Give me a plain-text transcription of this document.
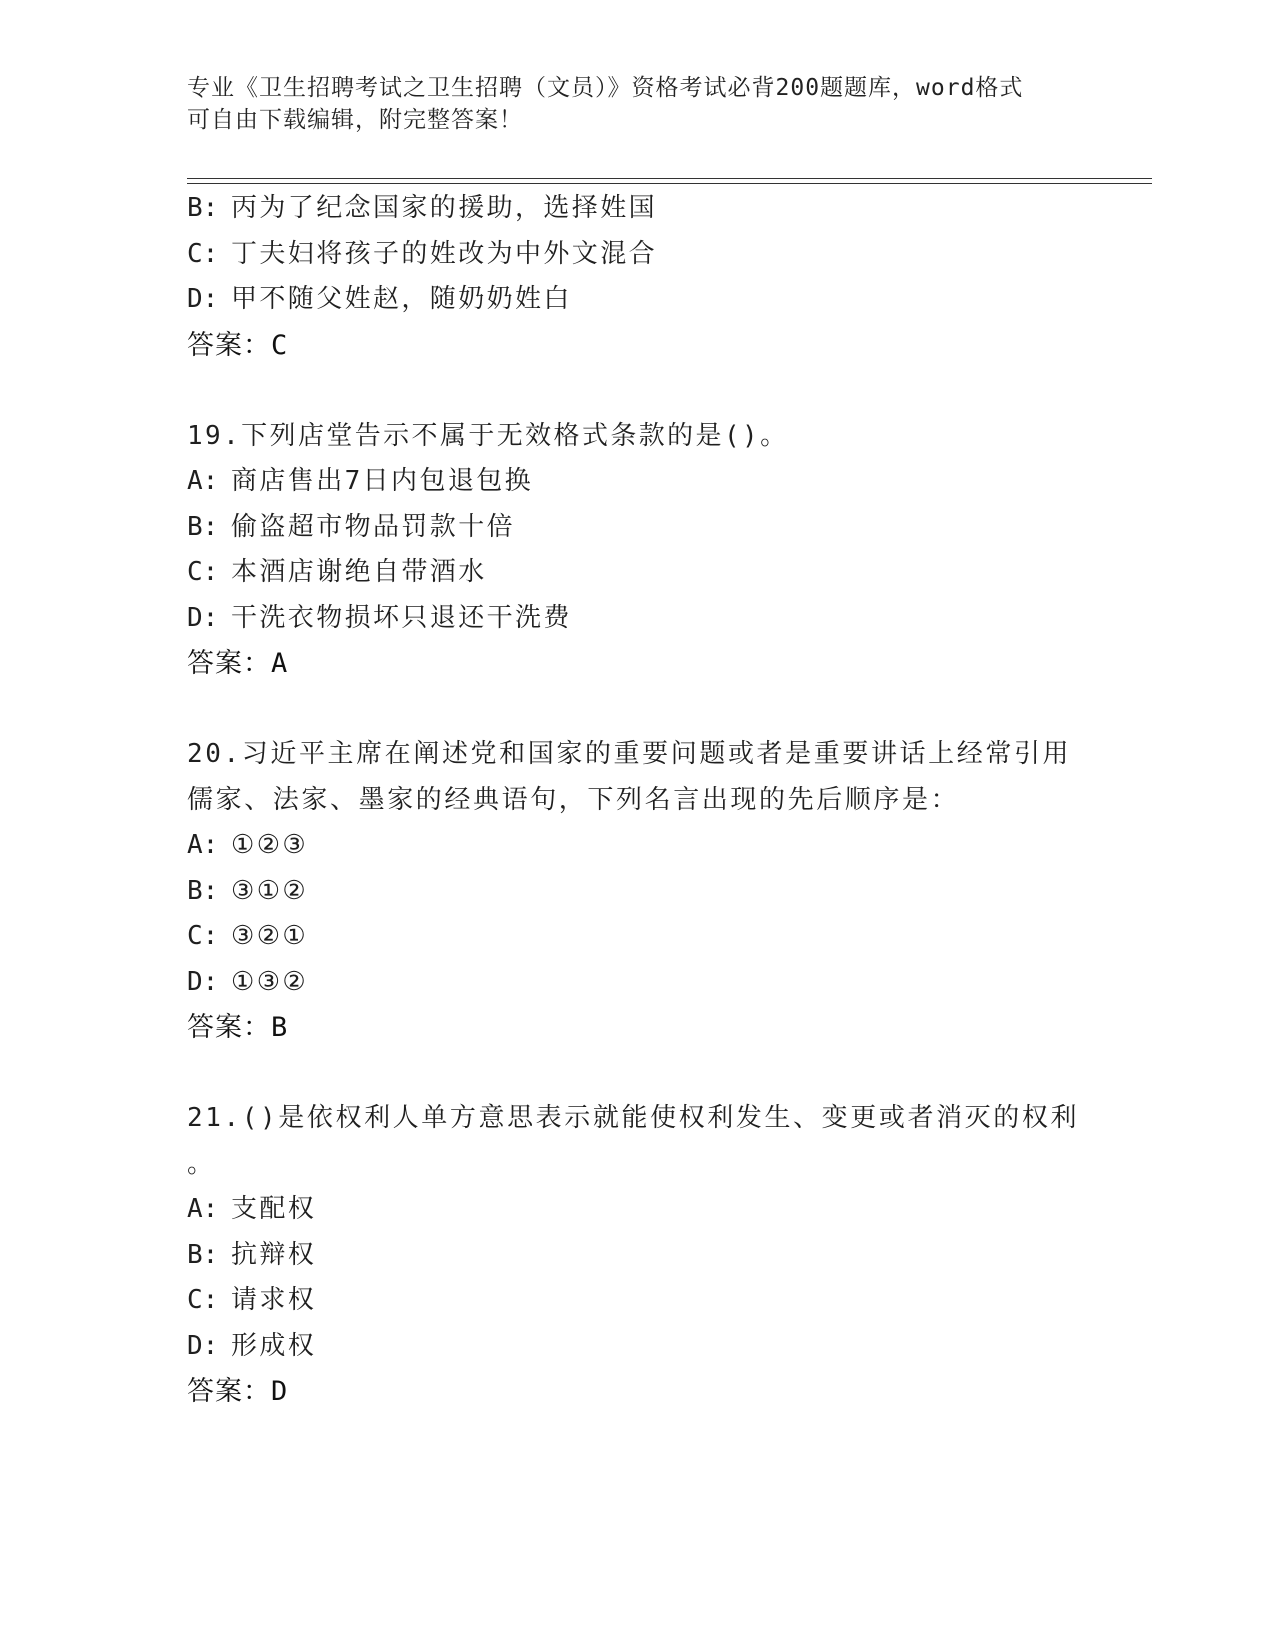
专业《卫生招聘考试之卫生招聘（文员）》资格考试必背200题题库，word格式
可自由下载编辑，附完整答案！
B: 丙为了纪念国家的援助，选择姓国
C: 丁夫妇将孩子的姓改为中外文混合
D: 甲不随父姓赵，随奶奶姓白
答案：C
19.下列店堂告示不属于无效格式条款的是()。
A: 商店售出7日内包退包换
B: 偷盗超市物品罚款十倍
C: 本酒店谢绝自带酒水
D: 干洗衣物损坏只退还干洗费
答案：A
20.习近平主席在阐述党和国家的重要问题或者是重要讲话上经常引用
儒家、法家、墨家的经典语句，下列名言出现的先后顺序是：
A: ①②③
B: ③①②
C: ③②①
D: ①③②
答案：B
21.()是依权利人单方意思表示就能使权利发生、变更或者消灭的权利
。
A: 支配权
B: 抗辩权
C: 请求权
D: 形成权
答案：D
